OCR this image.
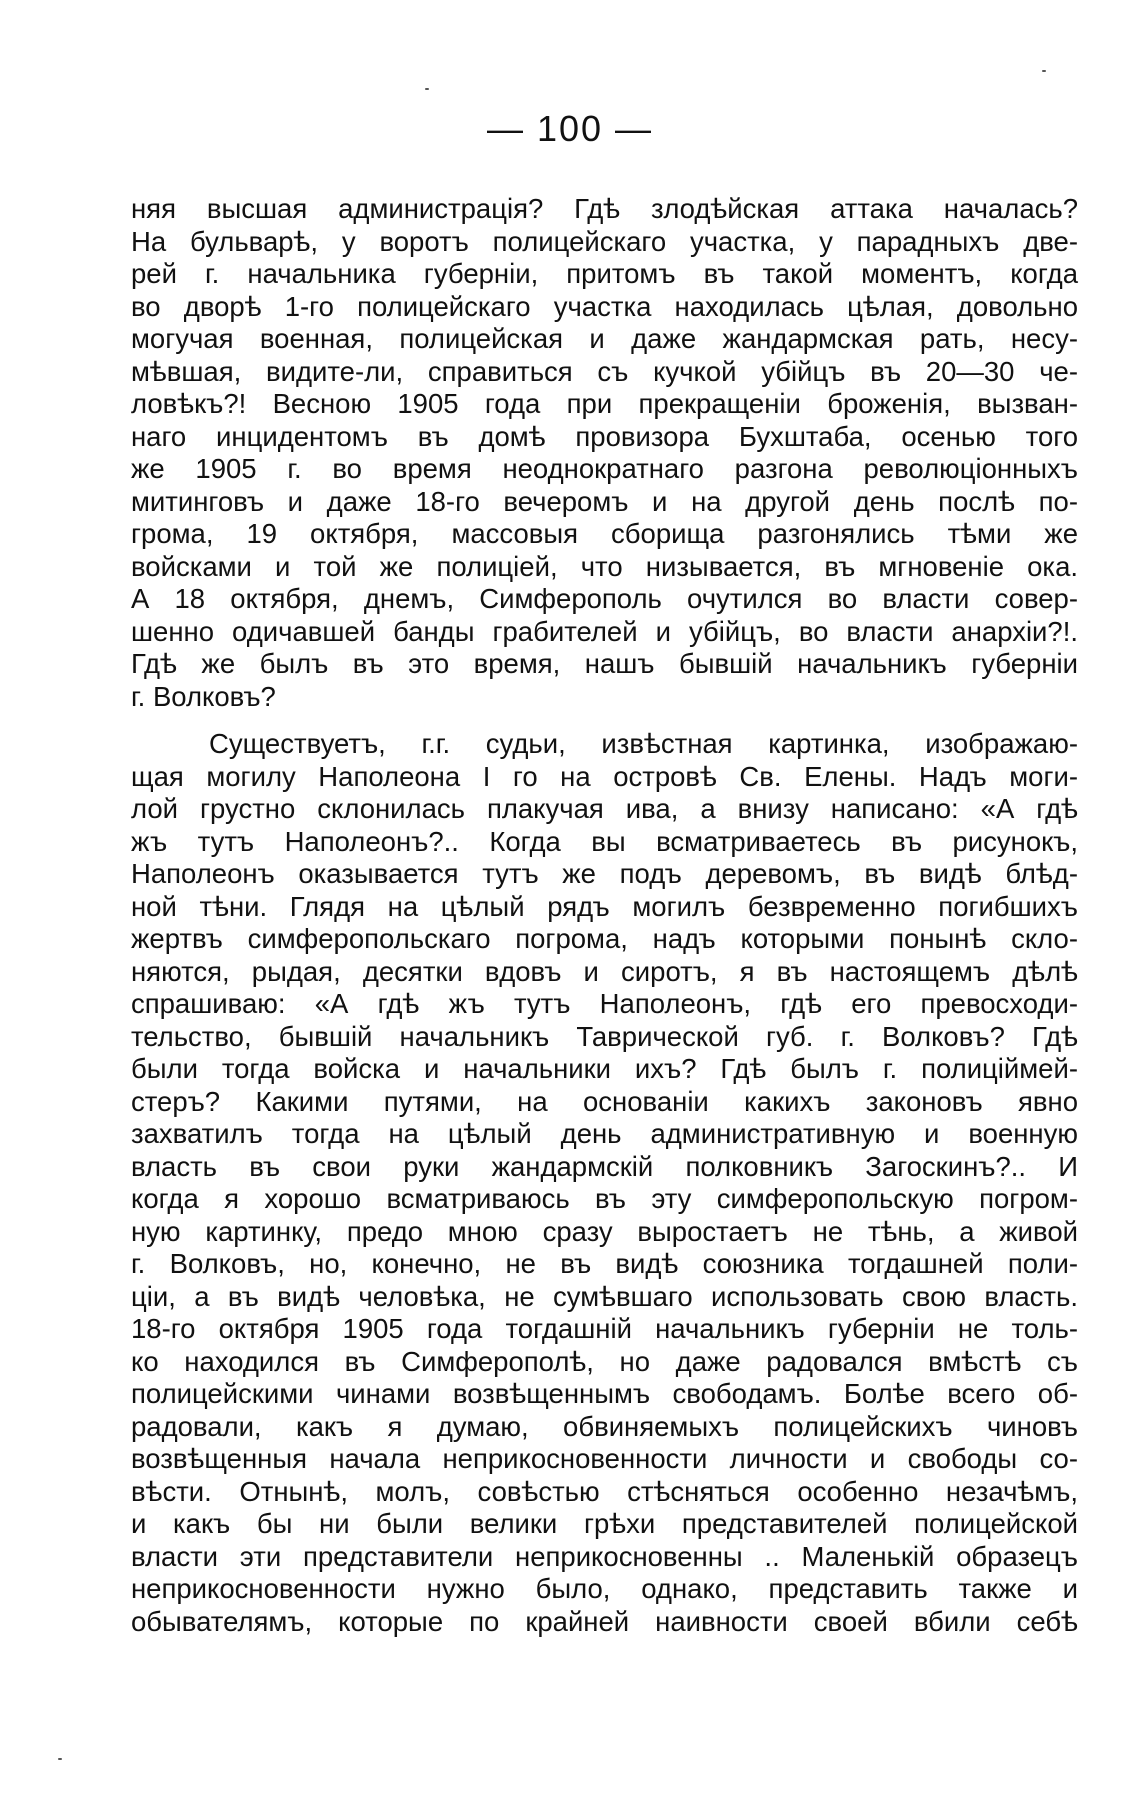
— 100 —
няя высшая администрація? Гдѣ злодѣйская аттака началась?
На бульварѣ, у воротъ полицейскаго участка, у парадныхъ две-
рей г. начальника губерніи, притомъ въ такой моментъ, когда
во дворѣ 1-го полицейскаго участка находилась цѣлая, довольно
могучая военная, полицейская и даже жандармская рать, несу-
мѣвшая, видите-ли, справиться съ кучкой убійцъ въ 20—30 че-
ловѣкъ?! Весною 1905 года при прекращеніи броженія, вызван-
наго инцидентомъ въ домѣ провизора Бухштаба, осенью того
же 1905 г. во время неоднократнаго разгона революціонныхъ
митинговъ и даже 18-го вечеромъ и на другой день послѣ по-
грома, 19 октября, массовыя сборища разгонялись тѣми же
войсками и той же полиціей, что низывается, въ мгновеніе ока.
А 18 октября, днемъ, Симферополь очутился во власти совер-
шенно одичавшей банды грабителей и убійцъ, во власти анархіи?!.
Гдѣ же былъ въ это время, нашъ бывшій начальникъ губерніи
г. Волковъ?
Существуетъ, г.г. судьи, извѣстная картинка, изображаю-
щая могилу Наполеона I го на островѣ Св. Елены. Надъ моги-
лой грустно склонилась плакучая ива, а внизу написано: «А гдѣ
жъ тутъ Наполеонъ?.. Когда вы всматриваетесь въ рисунокъ,
Наполеонъ оказывается тутъ же подъ деревомъ, въ видѣ блѣд-
ной тѣни. Глядя на цѣлый рядъ могилъ безвременно погибшихъ
жертвъ симферопольскаго погрома, надъ которыми понынѣ скло-
няются, рыдая, десятки вдовъ и сиротъ, я въ настоящемъ дѣлѣ
спрашиваю: «А гдѣ жъ тутъ Наполеонъ, гдѣ его превосходи-
тельство, бывшій начальникъ Таврической губ. г. Волковъ? Гдѣ
были тогда войска и начальники ихъ? Гдѣ былъ г. полиціймей-
стеръ? Какими путями, на основаніи какихъ законовъ явно
захватилъ тогда на цѣлый день административную и военную
власть въ свои руки жандармскій полковникъ Загоскинъ?.. И
когда я хорошо всматриваюсь въ эту симферопольскую погром-
ную картинку, предо мною сразу выростаетъ не тѣнь, а живой
г. Волковъ, но, конечно, не въ видѣ союзника тогдашней поли-
ціи, а въ видѣ человѣка, не сумѣвшаго использовать свою власть.
18-го октября 1905 года тогдашній начальникъ губерніи не толь-
ко находился въ Симферополѣ, но даже радовался вмѣстѣ съ
полицейскими чинами возвѣщеннымъ свободамъ. Болѣе всего об-
радовали, какъ я думаю, обвиняемыхъ полицейскихъ чиновъ
возвѣщенныя начала неприкосновенности личности и свободы со-
вѣсти. Отнынѣ, молъ, совѣстью стѣсняться особенно незачѣмъ,
и какъ бы ни были велики грѣхи представителей полицейской
власти эти представители неприкосновенны .. Маленькій образецъ
неприкосновенности нужно было, однако, представить также и
обывателямъ, которые по крайней наивности своей вбили себѣ
